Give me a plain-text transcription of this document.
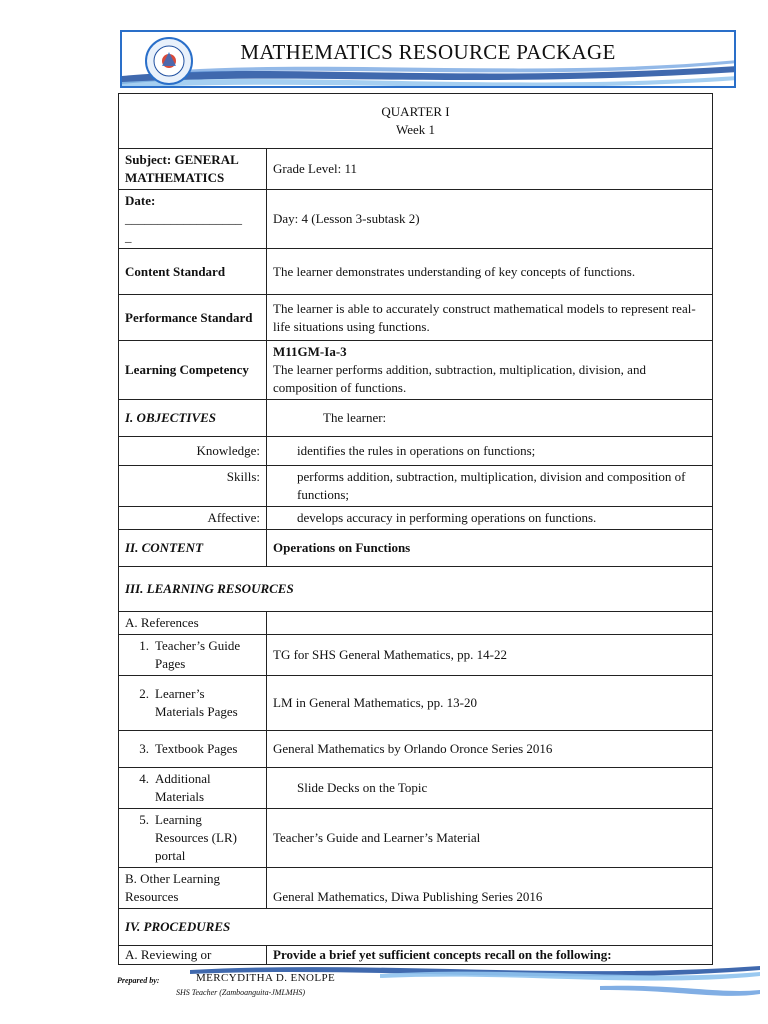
MATHEMATICS RESOURCE PACKAGE
QUARTER I
Week 1	

Subject: GENERAL MATHEMATICS	Grade Level: 11

Date:
__________________
_	Day: 4 (Lesson 3-subtask 2)
Content Standard	The learner demonstrates understanding of key concepts of functions.
Performance Standard	The learner is able to accurately construct mathematical models to represent real-life situations using functions.
Learning Competency	M11GM-Ia-3
The learner performs addition, subtraction, multiplication, division, and composition of functions.

I. OBJECTIVES	The learner:
Knowledge:	identifies the rules in operations on functions;
Skills:	performs addition, subtraction, multiplication, division and composition of functions;
Affective:	develops accuracy in performing operations on functions.
II. CONTENT	Operations on Functions
III. LEARNING RESOURCES	
A. References	
1. Teacher’s Guide Pages	TG for SHS General Mathematics, pp. 14-22
2. Learner’s Materials Pages	LM in General Mathematics, pp. 13-20
3. Textbook Pages	General Mathematics by Orlando Oronce Series 2016
4. Additional Materials	Slide Decks on the Topic
5. Learning Resources (LR) portal	Teacher’s Guide and Learner’s Material
B. Other Learning Resources	General Mathematics, Diwa Publishing Series 2016
IV. PROCEDURES	
A. Reviewing or	Provide a brief yet sufficient concepts recall on the following:
Prepared by:	MERCYDITHA D. ENOLPE
SHS Teacher (Zamboanguita-JMLMHS)
